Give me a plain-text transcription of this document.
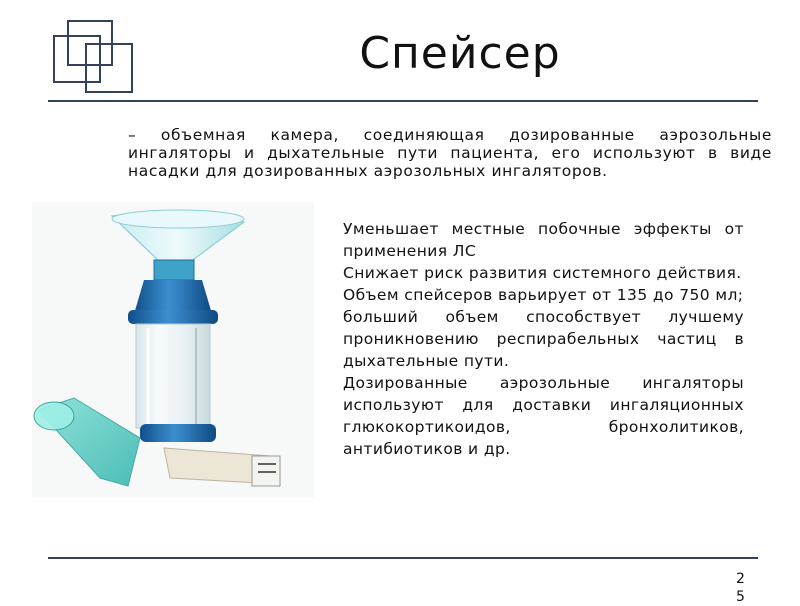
Спейсер
– объемная камера, соединяющая дозированные аэрозольные ингаляторы и дыхательные пути пациента, его используют в виде насадки для дозированных аэрозольных ингаляторов.

Уменьшает местные побочные эффекты от применения ЛС

Снижает риск развития системного действия.

Объем спейсеров варьирует от 135 до 750 мл;

больший объем способствует лучшему проникновению респирабельных частиц в дыхательные пути.

Дозированные аэрозольные ингаляторы используют для доставки ингаляционных глюкокортикоидов, бронхолитиков, антибиотиков и др.

25
